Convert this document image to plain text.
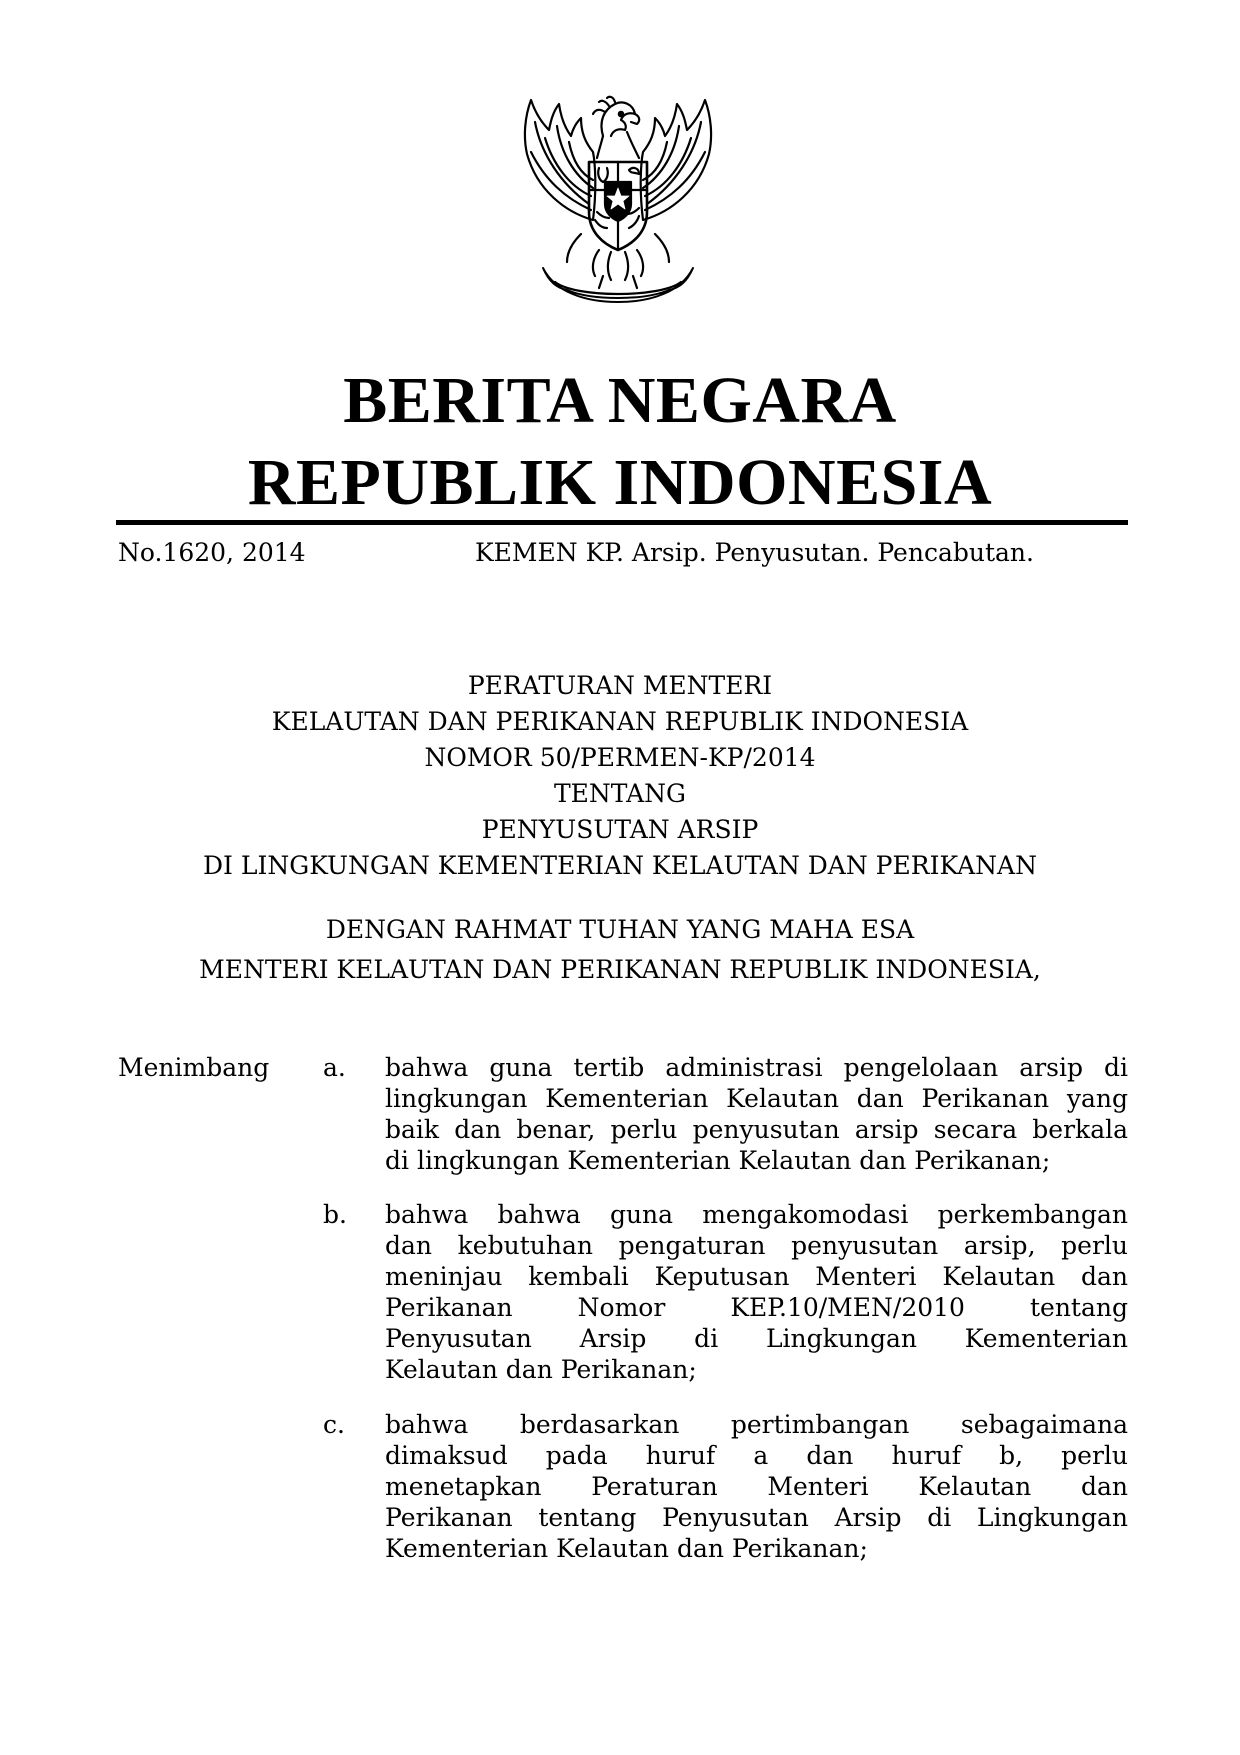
BERITA NEGARA
REPUBLIK INDONESIA
No.1620, 2014	KEMEN KP. Arsip. Penyusutan. Pencabutan.
PERATURAN MENTERI
KELAUTAN DAN PERIKANAN REPUBLIK INDONESIA
NOMOR 50/PERMEN-KP/2014
TENTANG
PENYUSUTAN ARSIP
DI LINGKUNGAN KEMENTERIAN KELAUTAN DAN PERIKANAN
DENGAN RAHMAT TUHAN YANG MAHA ESA
MENTERI KELAUTAN DAN PERIKANAN REPUBLIK INDONESIA,
Menimbang a. bahwa guna tertib administrasi pengelolaan arsip di
lingkungan Kementerian Kelautan dan Perikanan yang
baik dan benar, perlu penyusutan arsip secara berkala
di lingkungan Kementerian Kelautan dan Perikanan;
b. bahwa bahwa guna mengakomodasi perkembangan
dan kebutuhan pengaturan penyusutan arsip, perlu
meninjau kembali Keputusan Menteri Kelautan dan
Perikanan Nomor KEP.10/MEN/2010 tentang
Penyusutan Arsip di Lingkungan Kementerian
Kelautan dan Perikanan;
c. bahwa berdasarkan pertimbangan sebagaimana
dimaksud pada huruf a dan huruf b, perlu
menetapkan Peraturan Menteri Kelautan dan
Perikanan tentang Penyusutan Arsip di Lingkungan
Kementerian Kelautan dan Perikanan;
